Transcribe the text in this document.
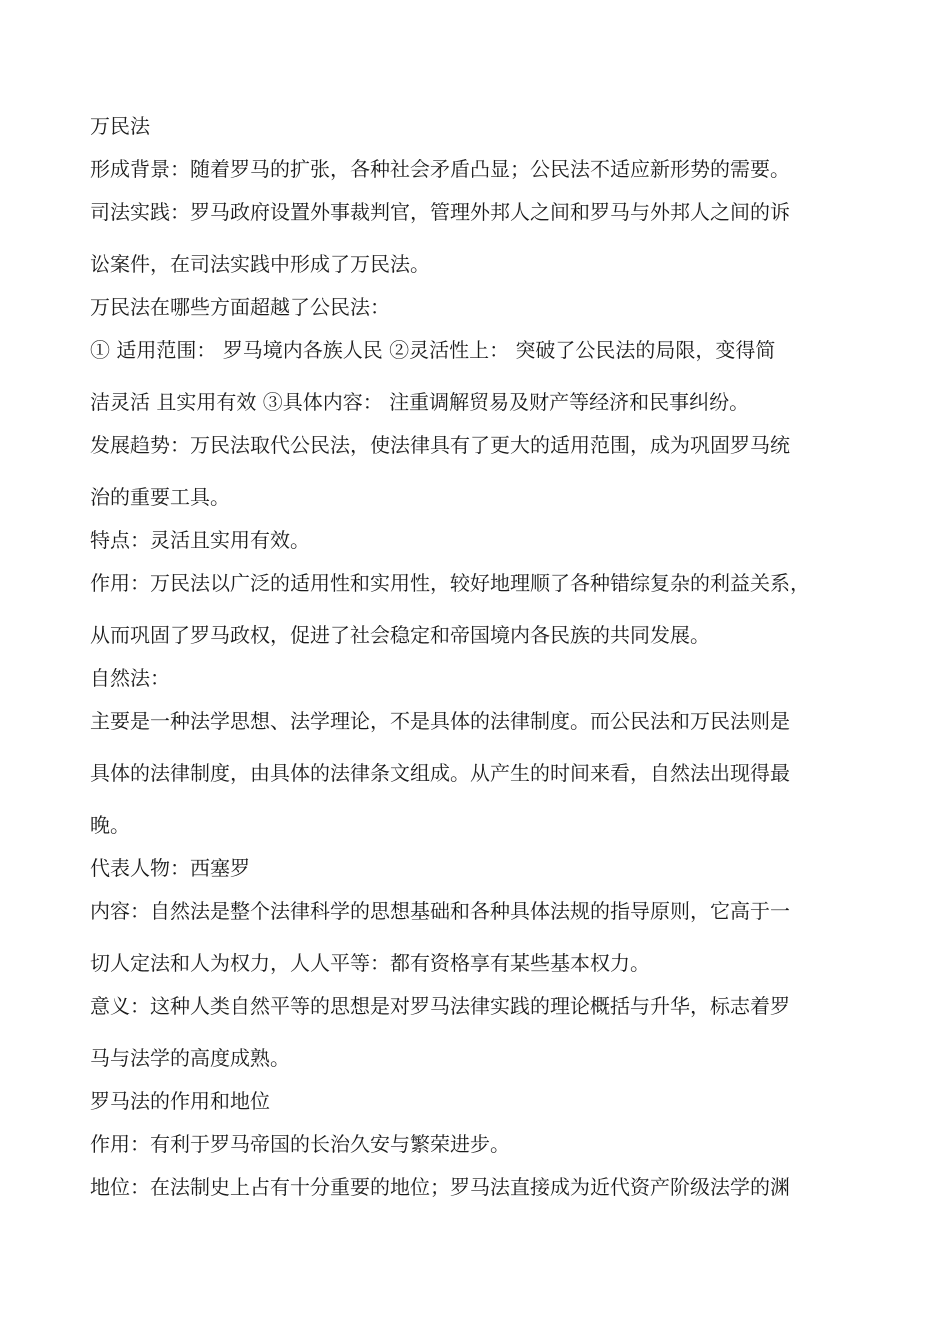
万民法

形成背景：随着罗马的扩张，各种社会矛盾凸显；公民法不适应新形势的需要。

司法实践：罗马政府设置外事裁判官，管理外邦人之间和罗马与外邦人之间的诉

讼案件，在司法实践中形成了万民法。

万民法在哪些方面超越了公民法：

① 适用范围： 罗马境内各族人民 ②灵活性上： 突破了公民法的局限，变得简

洁灵活 且实用有效 ③具体内容： 注重调解贸易及财产等经济和民事纠纷。

发展趋势：万民法取代公民法，使法律具有了更大的适用范围，成为巩固罗马统

治的重要工具。

特点：灵活且实用有效。

作用：万民法以广泛的适用性和实用性，较好地理顺了各种错综复杂的利益关系，

从而巩固了罗马政权，促进了社会稳定和帝国境内各民族的共同发展。

自然法：

主要是一种法学思想、法学理论，不是具体的法律制度。而公民法和万民法则是

具体的法律制度，由具体的法律条文组成。从产生的时间来看，自然法出现得最

晚。

代表人物：西塞罗

内容：自然法是整个法律科学的思想基础和各种具体法规的指导原则，它高于一

切人定法和人为权力，人人平等：都有资格享有某些基本权力。

意义：这种人类自然平等的思想是对罗马法律实践的理论概括与升华，标志着罗

马与法学的高度成熟。

罗马法的作用和地位

作用：有利于罗马帝国的长治久安与繁荣进步。

地位：在法制史上占有十分重要的地位；罗马法直接成为近代资产阶级法学的渊
